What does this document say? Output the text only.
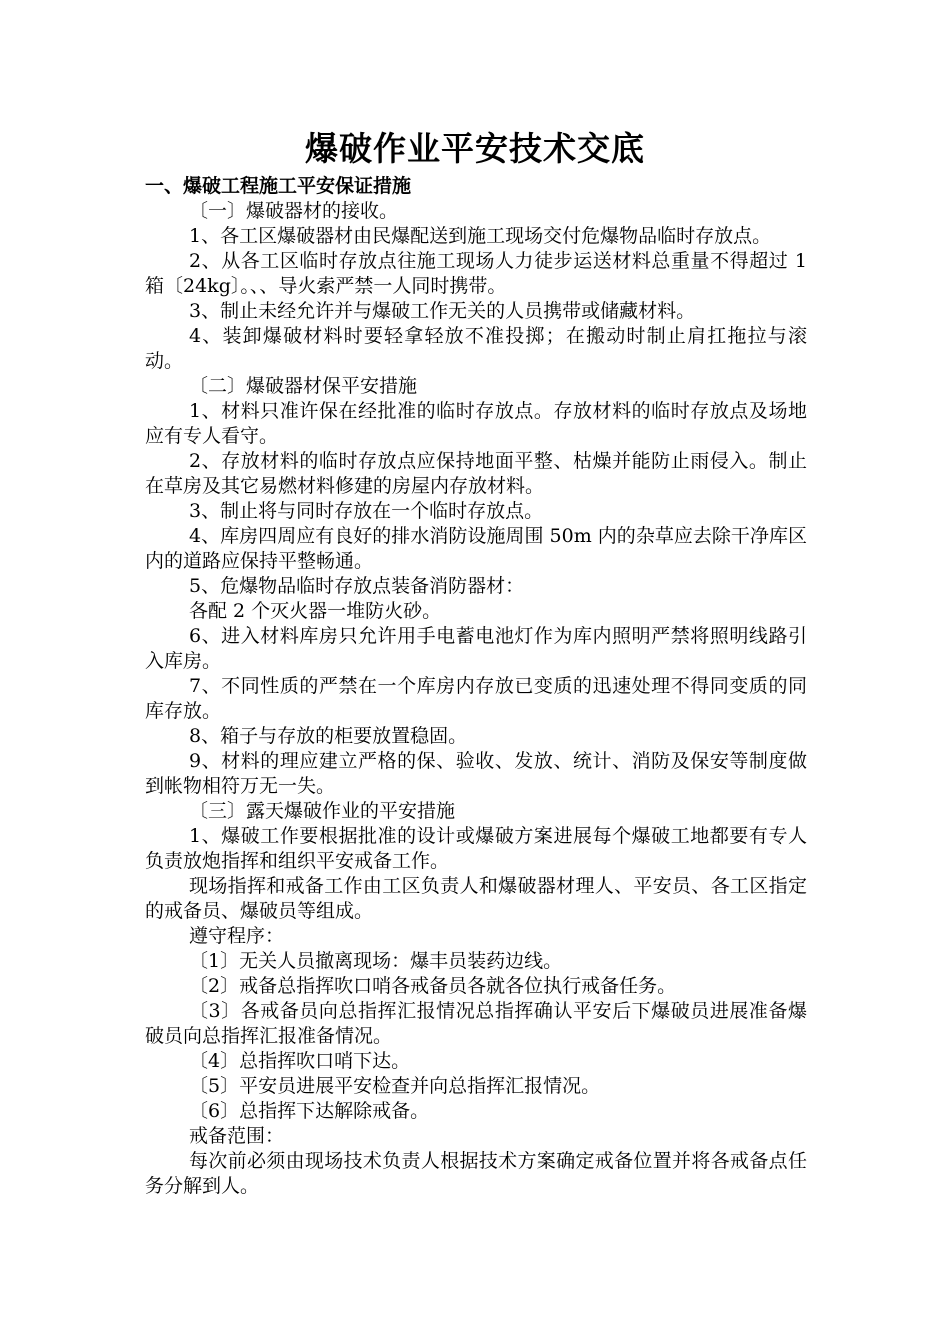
爆破作业平安技术交底

一、爆破工程施工平安保证措施

〔一〕爆破器材的接收。

1、各工区爆破器材由民爆配送到施工现场交付危爆物品临时存放点。

2、从各工区临时存放点往施工现场人力徒步运送材料总重量不得超过 1 箱〔24kg〕。、、导火索严禁一人同时携带。

3、制止未经允许并与爆破工作无关的人员携带或储藏材料。

4、装卸爆破材料时要轻拿轻放不准投掷；在搬动时制止肩扛拖拉与滚动。

〔二〕爆破器材保平安措施

1、材料只准许保在经批准的临时存放点。存放材料的临时存放点及场地应有专人看守。

2、存放材料的临时存放点应保持地面平整、枯燥并能防止雨侵入。制止在草房及其它易燃材料修建的房屋内存放材料。

3、制止将与同时存放在一个临时存放点。

4、库房四周应有良好的排水消防设施周围 50m 内的杂草应去除干净库区内的道路应保持平整畅通。

5、危爆物品临时存放点装备消防器材：

各配 2 个灭火器一堆防火砂。

6、进入材料库房只允许用手电蓄电池灯作为库内照明严禁将照明线路引入库房。

7、不同性质的严禁在一个库房内存放已变质的迅速处理不得同变质的同库存放。

8、箱子与存放的柜要放置稳固。

9、材料的理应建立严格的保、验收、发放、统计、消防及保安等制度做到帐物相符万无一失。

〔三〕露天爆破作业的平安措施

1、爆破工作要根据批准的设计或爆破方案进展每个爆破工地都要有专人负责放炮指挥和组织平安戒备工作。

现场指挥和戒备工作由工区负责人和爆破器材理人、平安员、各工区指定的戒备员、爆破员等组成。

遵守程序：

〔1〕无关人员撤离现场：爆丰员装药边线。

〔2〕戒备总指挥吹口哨各戒备员各就各位执行戒备任务。

〔3〕各戒备员向总指挥汇报情况总指挥确认平安后下爆破员进展准备爆破员向总指挥汇报准备情况。

〔4〕总指挥吹口哨下达。

〔5〕平安员进展平安检查并向总指挥汇报情况。

〔6〕总指挥下达解除戒备。

戒备范围：

每次前必须由现场技术负责人根据技术方案确定戒备位置并将各戒备点任务分解到人。
